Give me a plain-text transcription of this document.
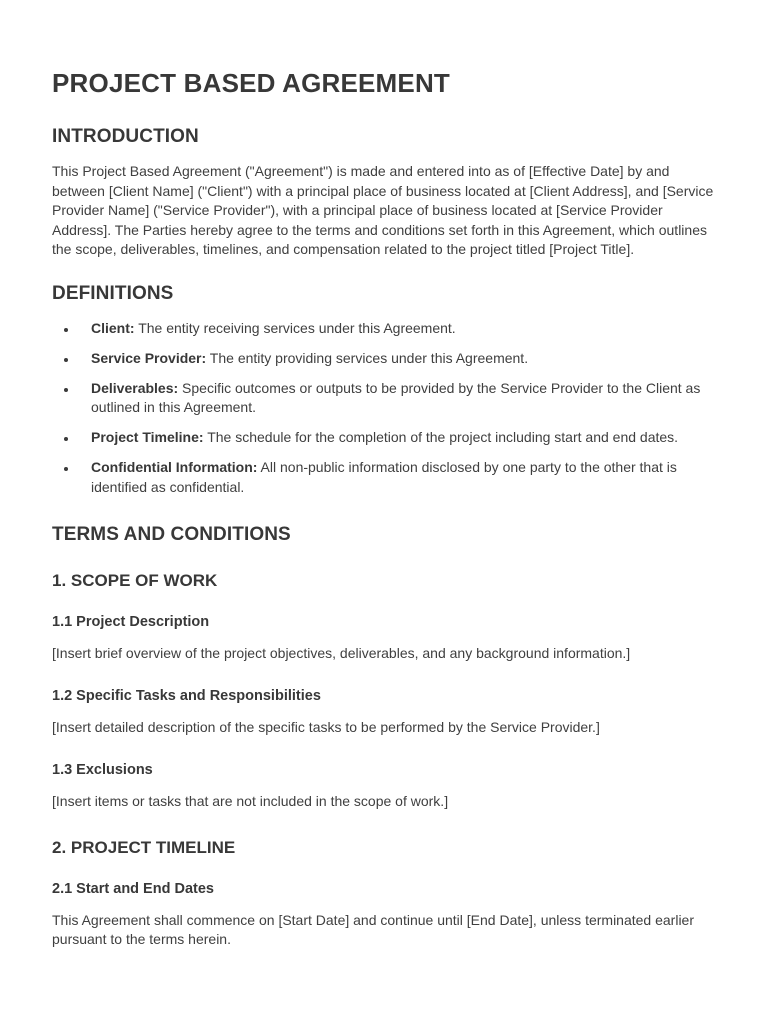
PROJECT BASED AGREEMENT
INTRODUCTION

This Project Based Agreement ("Agreement") is made and entered into as of [Effective Date] by and between [Client Name] ("Client") with a principal place of business located at [Client Address], and [Service Provider Name] ("Service Provider"), with a principal place of business located at [Service Provider Address]. The Parties hereby agree to the terms and conditions set forth in this Agreement, which outlines the scope, deliverables, timelines, and compensation related to the project titled [Project Title].

DEFINITIONS
Client: The entity receiving services under this Agreement.
Service Provider: The entity providing services under this Agreement.
Deliverables: Specific outcomes or outputs to be provided by the Service Provider to the Client as outlined in this Agreement.
Project Timeline: The schedule for the completion of the project including start and end dates.
Confidential Information: All non-public information disclosed by one party to the other that is identified as confidential.
TERMS AND CONDITIONS
1. SCOPE OF WORK
1.1 Project Description

[Insert brief overview of the project objectives, deliverables, and any background information.]

1.2 Specific Tasks and Responsibilities

[Insert detailed description of the specific tasks to be performed by the Service Provider.]

1.3 Exclusions

[Insert items or tasks that are not included in the scope of work.]

2. PROJECT TIMELINE
2.1 Start and End Dates

This Agreement shall commence on [Start Date] and continue until [End Date], unless terminated earlier pursuant to the terms herein.
